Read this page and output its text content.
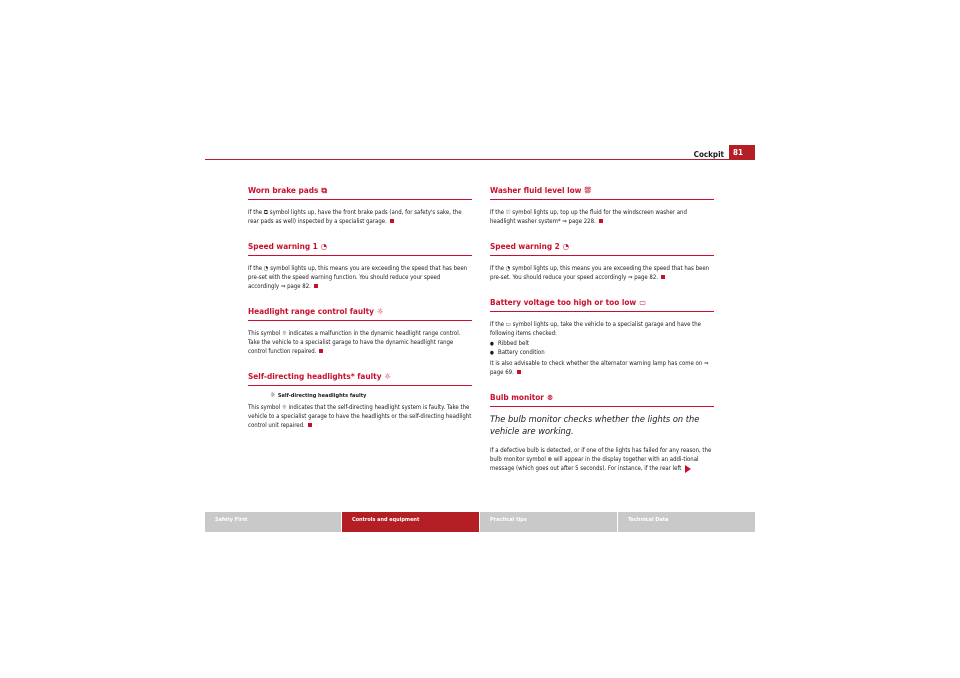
Cockpit	81
Worn brake pads ⧉

If the ⧉ symbol lights up, have the front brake pads (and, for safety's sake, the rear pads as well) inspected by a specialist garage.

Speed warning 1 ◔

If the ◔ symbol lights up, this means you are exceeding the speed that has been pre-set with the speed warning function. You should reduce your speed accordingly ⇒ page 82.

Headlight range control faulty ☼

This symbol ☼ indicates a malfunction in the dynamic headlight range control. Take the vehicle to a specialist garage to have the dynamic headlight range control function repaired.

Self-directing headlights* faulty ☼
☼ Self-directing headlights faulty

This symbol ☼ indicates that the self-directing headlight system is faulty. Take the vehicle to a specialist garage to have the headlights or the self-directing headlight control unit repaired.

Washer fluid level low ⛆

If the ⛆ symbol lights up, top up the fluid for the windscreen washer and headlight washer system* ⇒ page 228.

Speed warning 2 ◔

If the ◔ symbol lights up, this means you are exceeding the speed that has been pre-set. You should reduce your speed accordingly ⇒ page 82.

Battery voltage too high or too low ▭

If the ▭ symbol lights up, take the vehicle to a specialist garage and have the following items checked:

● Ribbed belt
● Battery condition

It is also advisable to check whether the alternator warning lamp has come on ⇒ page 69.

Bulb monitor ⊗
The bulb monitor checks whether the lights on the vehicle are working.

If a defective bulb is detected, or if one of the lights has failed for any reason, the bulb monitor symbol ⊗ will appear in the display together with an addi-tional message (which goes out after 5 seconds). For instance, if the rear left

Safety First	Controls and equipment	Practical tips	Technical Data
